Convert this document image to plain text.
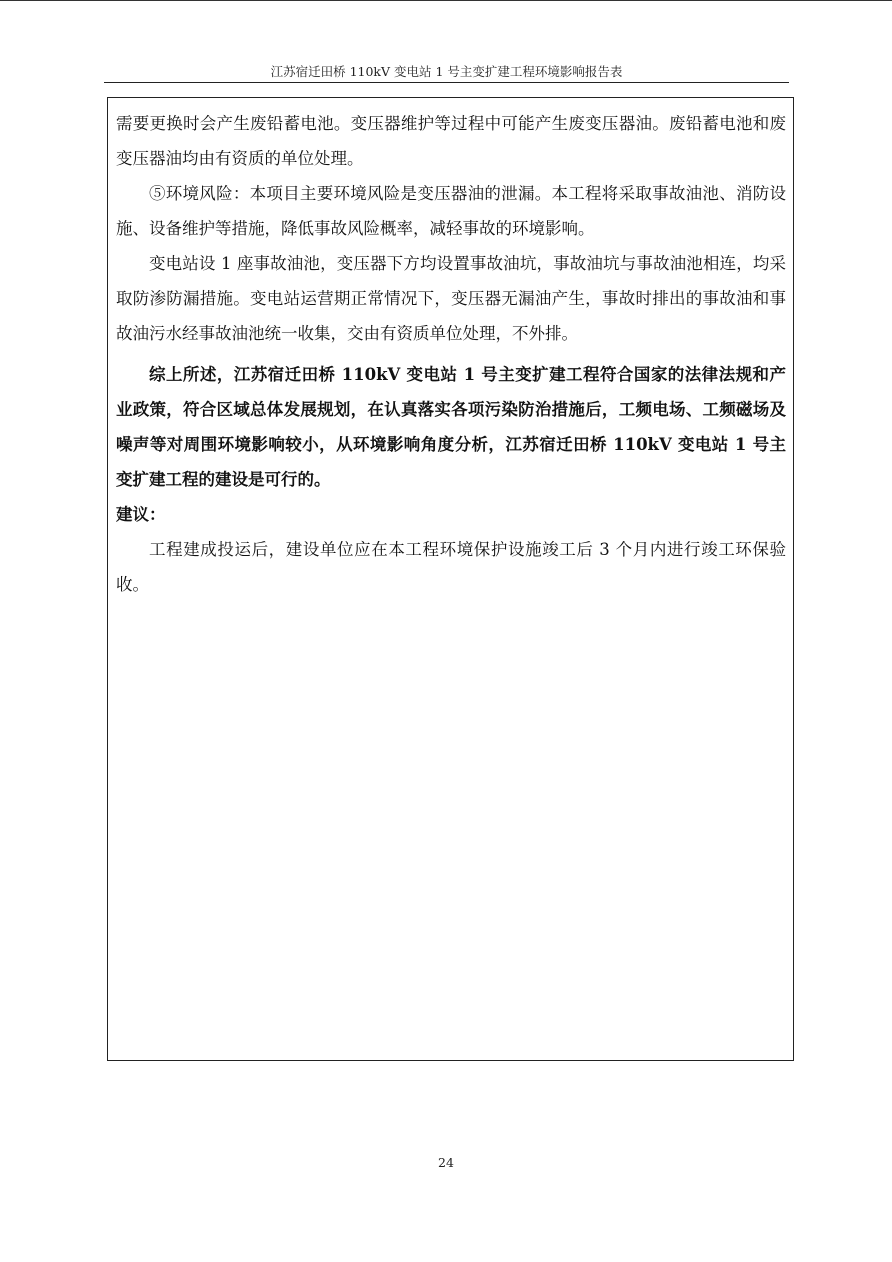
江苏宿迁田桥 110kV 变电站 1 号主变扩建工程环境影响报告表

需要更换时会产生废铅蓄电池。变压器维护等过程中可能产生废变压器油。废铅蓄电池和废变压器油均由有资质的单位处理。

⑤环境风险：本项目主要环境风险是变压器油的泄漏。本工程将采取事故油池、消防设施、设备维护等措施，降低事故风险概率，减轻事故的环境影响。

变电站设 1 座事故油池，变压器下方均设置事故油坑，事故油坑与事故油池相连，均采取防渗防漏措施。变电站运营期正常情况下，变压器无漏油产生，事故时排出的事故油和事故油污水经事故油池统一收集，交由有资质单位处理，不外排。

综上所述，江苏宿迁田桥 110kV 变电站 1 号主变扩建工程符合国家的法律法规和产业政策，符合区域总体发展规划，在认真落实各项污染防治措施后，工频电场、工频磁场及噪声等对周围环境影响较小，从环境影响角度分析，江苏宿迁田桥 110kV 变电站 1 号主变扩建工程的建设是可行的。

建议：

工程建成投运后，建设单位应在本工程环境保护设施竣工后 3 个月内进行竣工环保验收。

24
